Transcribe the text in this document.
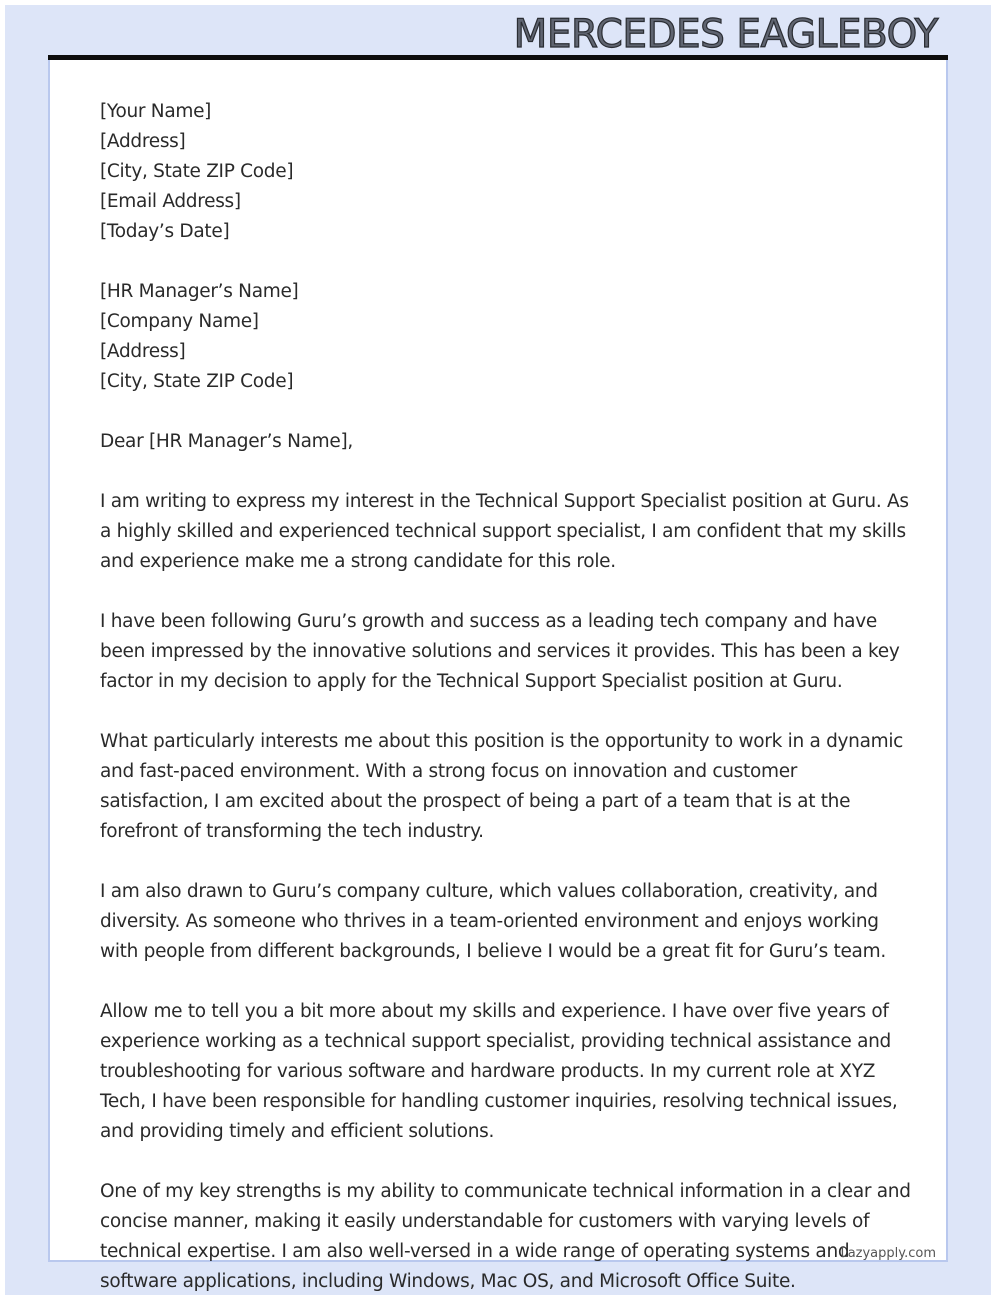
MERCEDES EAGLEBOY
[Your Name]
[Address]
[City, State ZIP Code]
[Email Address]
[Today’s Date]
[HR Manager’s Name]
[Company Name]
[Address]
[City, State ZIP Code]
Dear [HR Manager’s Name],
I am writing to express my interest in the Technical Support Specialist position at Guru. As
a highly skilled and experienced technical support specialist, I am confident that my skills
and experience make me a strong candidate for this role.
I have been following Guru’s growth and success as a leading tech company and have
been impressed by the innovative solutions and services it provides. This has been a key
factor in my decision to apply for the Technical Support Specialist position at Guru.
What particularly interests me about this position is the opportunity to work in a dynamic
and fast-paced environment. With a strong focus on innovation and customer
satisfaction, I am excited about the prospect of being a part of a team that is at the
forefront of transforming the tech industry.
I am also drawn to Guru’s company culture, which values collaboration, creativity, and
diversity. As someone who thrives in a team-oriented environment and enjoys working
with people from different backgrounds, I believe I would be a great fit for Guru’s team.
Allow me to tell you a bit more about my skills and experience. I have over five years of
experience working as a technical support specialist, providing technical assistance and
troubleshooting for various software and hardware products. In my current role at XYZ
Tech, I have been responsible for handling customer inquiries, resolving technical issues,
and providing timely and efficient solutions.
One of my key strengths is my ability to communicate technical information in a clear and
concise manner, making it easily understandable for customers with varying levels of
technical expertise. I am also well-versed in a wide range of operating systems and
software applications, including Windows, Mac OS, and Microsoft Office Suite.
Lazyapply.com
